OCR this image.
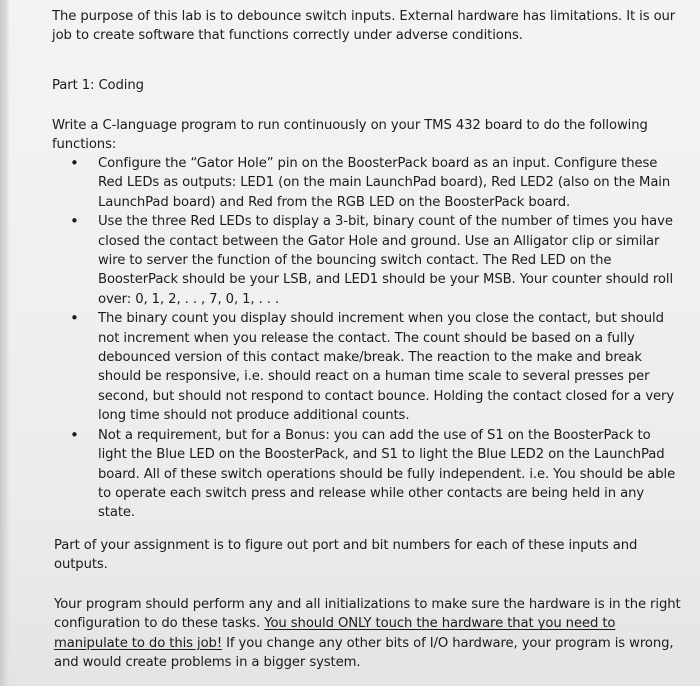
The purpose of this lab is to debounce switch inputs. External hardware has limitations. It is our job to create software that functions correctly under adverse conditions.

Part 1: Coding

Write a C-language program to run continuously on your TMS 432 board to do the following functions:

• Configure the “Gator Hole” pin on the BoosterPack board as an input. Configure these Red LEDs as outputs: LED1 (on the main LaunchPad board), Red LED2 (also on the Main LaunchPad board) and Red from the RGB LED on the BoosterPack board.
• Use the three Red LEDs to display a 3-bit, binary count of the number of times you have closed the contact between the Gator Hole and ground. Use an Alligator clip or similar wire to server the function of the bouncing switch contact. The Red LED on the BoosterPack should be your LSB, and LED1 should be your MSB. Your counter should roll over: 0, 1, 2, . . , 7, 0, 1, . . .
• The binary count you display should increment when you close the contact, but should not increment when you release the contact. The count should be based on a fully debounced version of this contact make/break. The reaction to the make and break should be responsive, i.e. should react on a human time scale to several presses per second, but should not respond to contact bounce. Holding the contact closed for a very long time should not produce additional counts.
• Not a requirement, but for a Bonus: you can add the use of S1 on the BoosterPack to light the Blue LED on the BoosterPack, and S1 to light the Blue LED2 on the LaunchPad board. All of these switch operations should be fully independent. i.e. You should be able to operate each switch press and release while other contacts are being held in any state.

Part of your assignment is to figure out port and bit numbers for each of these inputs and outputs.

Your program should perform any and all initializations to make sure the hardware is in the right configuration to do these tasks. You should ONLY touch the hardware that you need to manipulate to do this job! If you change any other bits of I/O hardware, your program is wrong, and would create problems in a bigger system.
